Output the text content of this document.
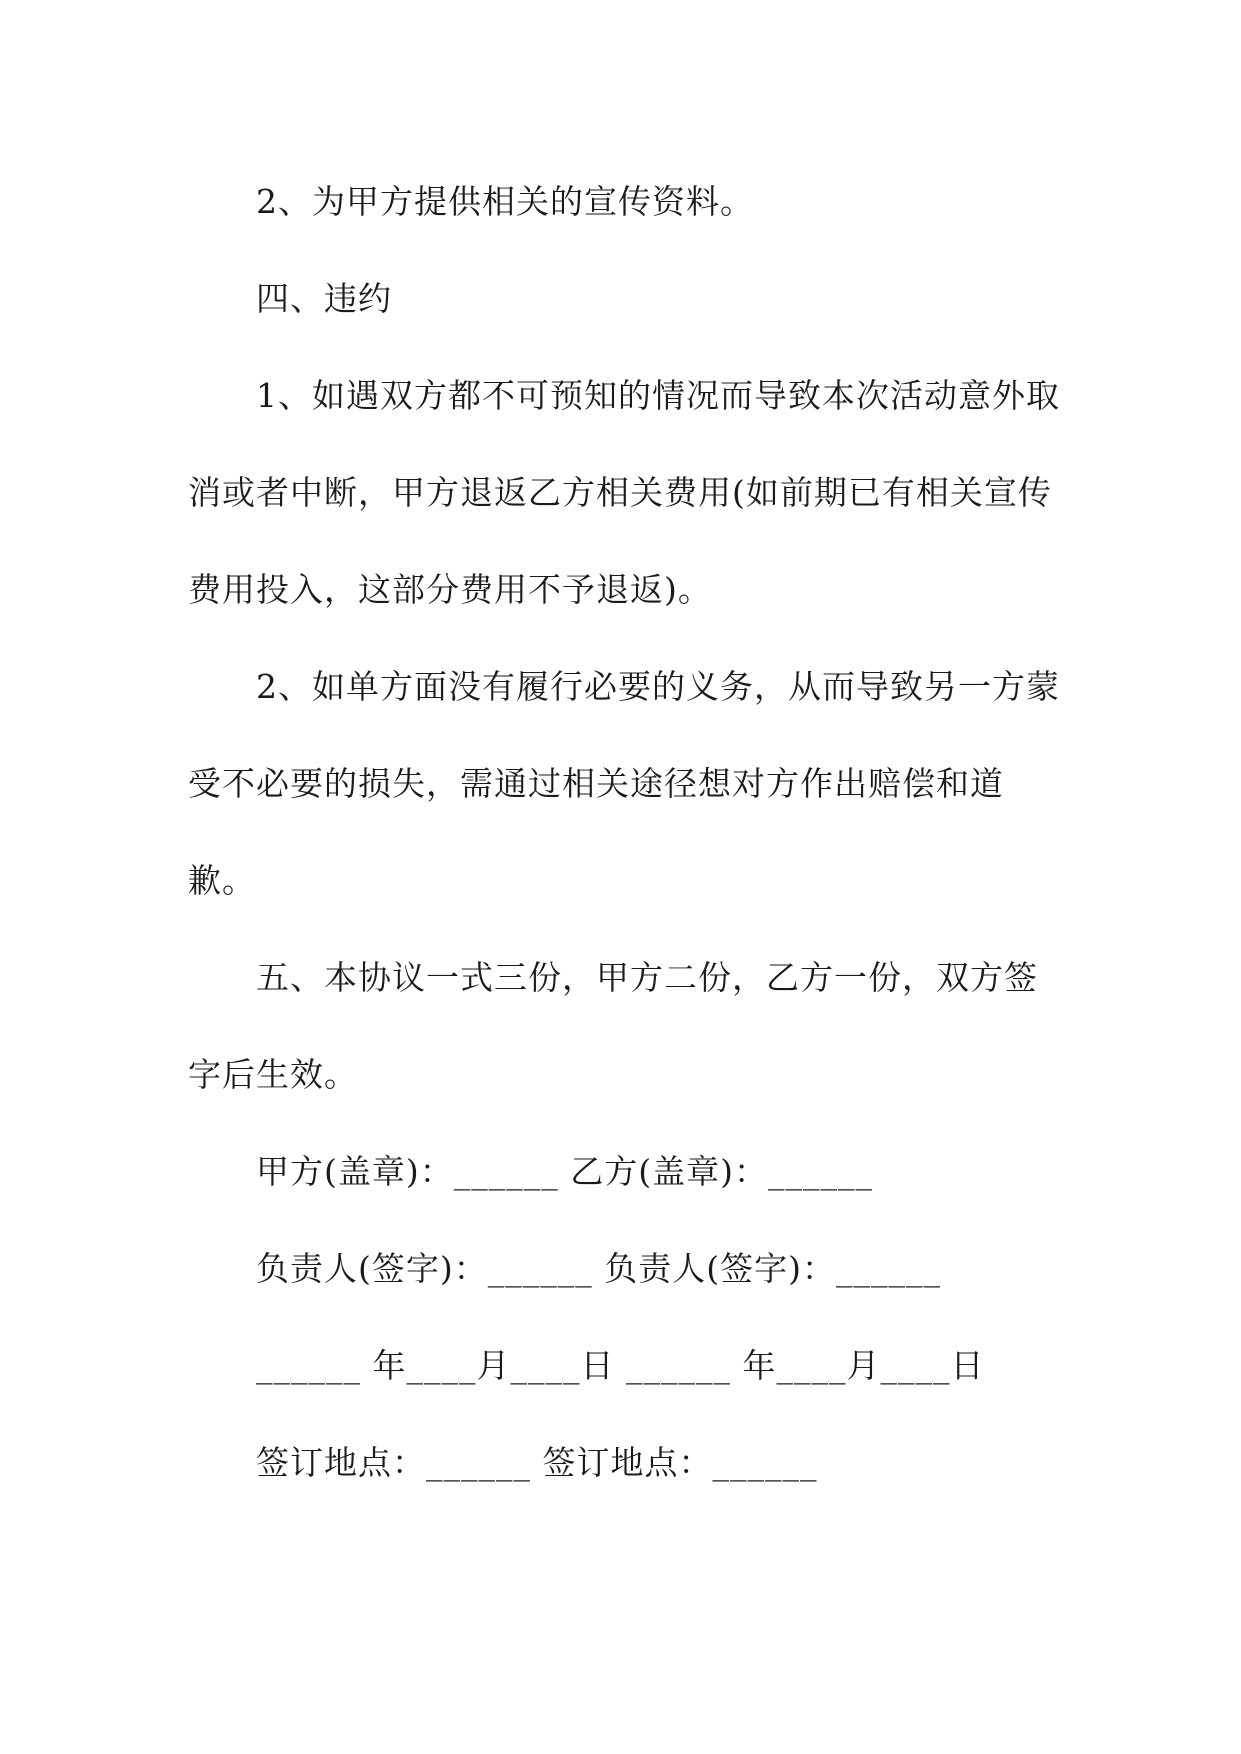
2、为甲方提供相关的宣传资料。
四、违约
1、如遇双方都不可预知的情况而导致本次活动意外取
消或者中断，甲方退返乙方相关费用(如前期已有相关宣传
费用投入，这部分费用不予退返)。
2、如单方面没有履行必要的义务，从而导致另一方蒙
受不必要的损失，需通过相关途径想对方作出赔偿和道
歉。
五、本协议一式三份，甲方二份，乙方一份，双方签
字后生效。
甲方(盖章)：______ 乙方(盖章)：______
负责人(签字)：______ 负责人(签字)：______
______ 年____月____日 ______ 年____月____日
签订地点：______ 签订地点：______
